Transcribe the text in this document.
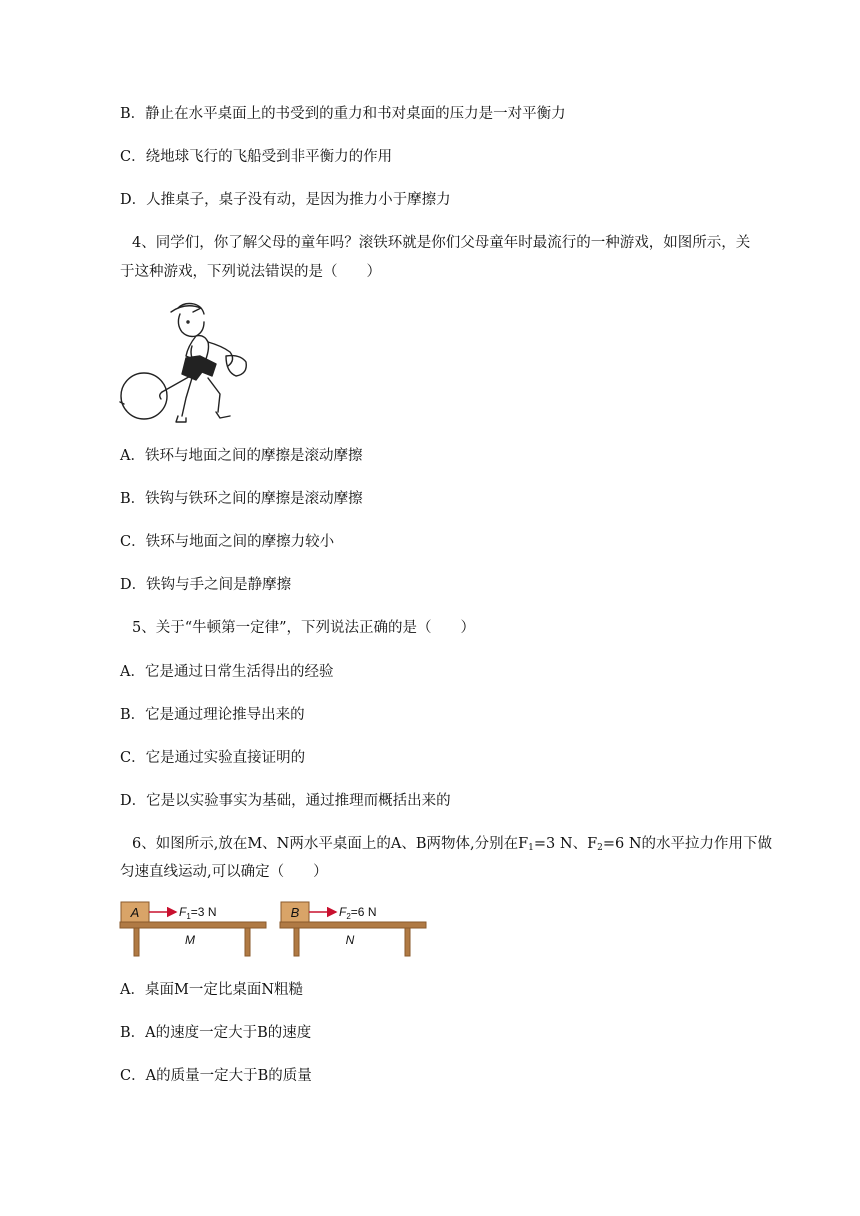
B．静止在水平桌面上的书受到的重力和书对桌面的压力是一对平衡力
C．绕地球飞行的飞船受到非平衡力的作用
D．人推桌子，桌子没有动，是因为推力小于摩擦力
4、同学们，你了解父母的童年吗？滚铁环就是你们父母童年时最流行的一种游戏，如图所示，关
于这种游戏，下列说法错误的是（　　）
A．铁环与地面之间的摩擦是滚动摩擦
B．铁钩与铁环之间的摩擦是滚动摩擦
C．铁环与地面之间的摩擦力较小
D．铁钩与手之间是静摩擦
5、关于“牛顿第一定律”，下列说法正确的是（　　）
A．它是通过日常生活得出的经验
B．它是通过理论推导出来的
C．它是通过实验直接证明的
D．它是以实验事实为基础，通过推理而概括出来的
6、如图所示,放在M、N两水平桌面上的A、B两物体,分别在$F_1=3$ N、$F_2=6$ N的水平拉力作用下做
匀速直线运动,可以确定（　　）
A	$F_1=3$ N
M
B	$F_2=6$ N
N
A．桌面M一定比桌面N粗糙
B．A的速度一定大于B的速度
C．A的质量一定大于B的质量
